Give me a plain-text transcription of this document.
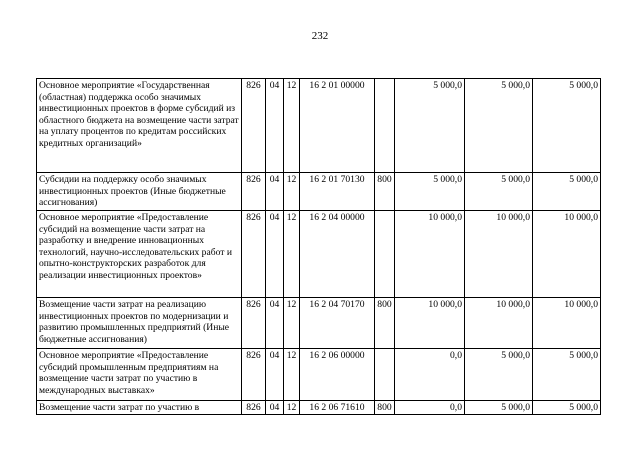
232
Основное мероприятие «Государственная (областная) поддержка особо значимых инвестиционных проектов в форме субсидий из областного бюджета на возмещение части затрат на уплату процентов по кредитам российских кредитных организаций»	826	04	12	16 2 01 00000		5 000,0	5 000,0	5 000,0
Субсидии на поддержку особо значимых инвестиционных проектов (Иные бюджетные ассигнования)	826	04	12	16 2 01 70130	800	5 000,0	5 000,0	5 000,0
Основное мероприятие «Предоставление субсидий на возмещение части затрат на разработку и внедрение инновационных технологий, научно-исследовательских работ и опытно-конструкторских разработок для реализации инвестиционных проектов»	826	04	12	16 2 04 00000		10 000,0	10 000,0	10 000,0
Возмещение части затрат на реализацию инвестиционных проектов по модернизации и развитию промышленных предприятий (Иные бюджетные ассигнования)	826	04	12	16 2 04 70170	800	10 000,0	10 000,0	10 000,0
Основное мероприятие «Предоставление субсидий промышленным предприятиям на возмещение части затрат по участию в международных выставках»	826	04	12	16 2 06 00000		0,0	5 000,0	5 000,0
Возмещение части затрат по участию в	826	04	12	16 2 06 71610	800	0,0	5 000,0	5 000,0
